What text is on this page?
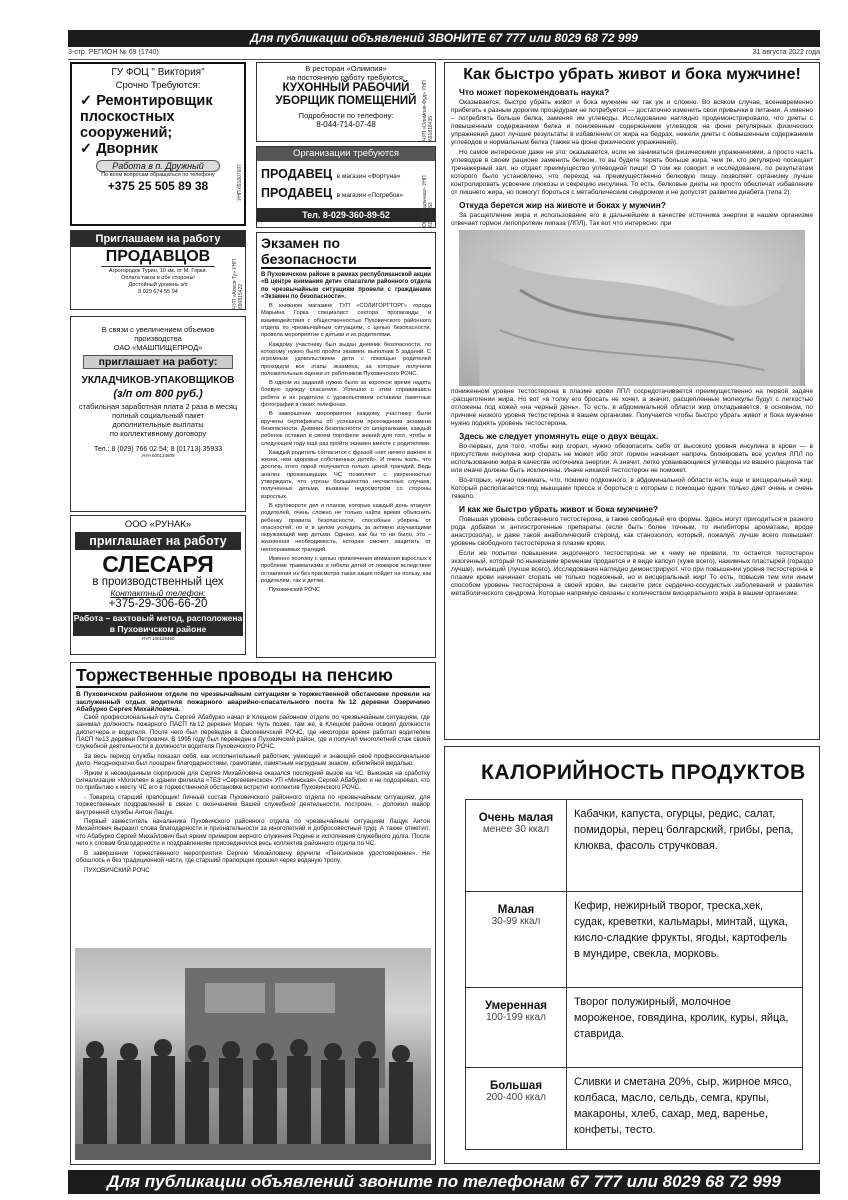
Для публикации объявлений ЗВОНИТЕ 67 777 или 8029 68 72 999
3-стр. РЕГИОН № 69 (1740)	31 августа 2022 года
ГУ ФОЦ " Виктория"
Срочно Требуются:
✓ Ремонтировщик плоскостных сооружений;
✓ Дворник
Работа в п. Дружный
По всем вопросам обращаться по телефону
+375 25 505 89 38	УНП 691807607
В ресторан «Олимпия»
на постоянную работу требуются:
КУХОННЫЙ РАБОЧИЙ
УБОРЩИК ПОМЕЩЕНИЙ
Подробности по телефону:
8-044-714-07-48	ЧУП «Олимпия-Фуд» УНП 691818435
Организации требуются
ПРОДАВЕЦ в магазин «Фортуна»
ПРОДАВЕЦ в магазин «Погребок»
Тел. 8-029-360-89-52	ООО «Вальнаш» УНП 601108053
Приглашаем на работу
ПРОДАВЦОВ
Агрогородок Турин, 10 км. от М. Горки.
Оплата такси в обе стороны!
Достойный уровень з/п
8 029 674 55 94	ЧУП «Алеся Ту» УНП 690815422
В связи с увеличением объемов
производства
ОАО «МАШПИЩЕПРОД»
приглашает на работу:
УКЛАДЧИКОВ-УПАКОВЩИКОВ
(з/п от 800 руб.)
стабильная заработная плата 2 раза в месяц
полный социальный пакет
дополнительные выплаты
по коллективному договору
Тел.: 8 (029) 766 02 54; 8 (01713) 35933
УНН 600124809
ООО «РУНАК»
приглашает на работу
СЛЕСАРЯ
в производственный цех
Контактный телефон:
+375-29-306-66-20
Работа – вахтовый метод, расположена в Пуховичском районе
УНП 100129460
Экзамен по безопасности
В Пуховичском районе в рамках республиканской акции «В центре внимания дети» спасатели районного отдела по чрезвычайным ситуациям провели с гражданами «Экзамен по безопасности».

В книжном магазине ТУП «СОЛИГОРГТОРГ» города Марьина Горка специалист сектора пропаганды и взаимодействия с общественностью Пуховичского районного отдела по чрезвычайным ситуациям, с целью безопасности, провела мероприятие с детьми и их родителями.

Каждому участнику был выдан дневник безопасности, по которому нужно было пройти экзамен, выполнив 5 заданий. С огромным удовольствием дети с помощью родителей проходили все этапы экзамена, за которые получили положительные оценки от работников Пуховичского РОЧС.

В одном из заданий нужно было за короткое время надеть боевую одежду спасателя. Успешно с этим справившись ребята и их родители с удовольствием оставили памятные фотографии в своих телефонах.

В завершении мероприятия каждому участнику были вручены сертификаты об успешном прохождении экзамена безопасности. Дневник безопасности со шпаргалками, каждый ребенок оставил в своем портфеле знаний для того, чтобы в следующем году ещё раз пройти экзамен вместе с родителями.

Каждый родитель согласится с фразой «нет ничего важнее в жизни, чем здоровье собственных детей». И очень жаль, что достичь этого порой получается только ценой трагедий. Ведь анализ произошедших ЧС позволяет с уверенностью утверждать, что угрозы большинства несчастных случаев, полученных детьми, вызваны недосмотром со стороны взрослых.

В круговороте дел и планов, которые каждый день атакуют родителей, очень сложно не только найти время объяснить ребенку правила безопасности, способные уберечь от опасностей, но и в целом уследить за активно изучающими окружающий мир детьми. Однако, как бы то ни было, это – жизненная необходимость, которая сможет защитить от непоправимых трагедий.

Именно поэтому с целью привлечения внимания взрослых к проблеме травматизма и гибели детей от пожаров вследствие оставления их без присмотра такая акция пойдет на пользу, как родителям, так и детям.

Пуховичский РОЧС

Как быстро убрать живот и бока мужчине!
Что может порекомендовать наука?

Оказывается, быстро убрать живот и бока мужчине не так уж и сложно. Во всяком случае, всеневременно прибегать к разным дорогим процедурам не потребуется — достаточно изменить свои привычки в питании. А именно – потреблять больше белка, заменяя им углеводы. Исследование наглядно продемонстрировало, что диеты с повышенным содержанием белка и пониженным содержанием углеводов на фоне регулярных физических упражнений дают лучшие результаты в избавлении от жира на бедрах, нежели диеты с повышенным содержанием углеводов и нормальным белка (также на фоне физических упражнений).

Но самое интересное даже не это: оказывается, если не заниматься физическими упражнениями, а просто часть углеводов в своем рационе заменить белком, то вы будете терять больше жира, чем те, кто регулярно посещает тренажерный зал, но отдает преимущество углеводной пище! О том же говорит и исследование, по результатам которого было установлено, что переход на преимущественно белковую пищу позволяет организму лучше контролировать усвоение глюкозы и секрецию инсулина. То есть, белковые диеты не просто обеспечат избавление от лишнего жира, но помогут бороться с метаболическим синдромом и не допустят развития диабета (типа 2).

Откуда берется жир на животе и боках у мужчин?

За расщепление жира и использование его в дальнейшем в качестве источника энергии в нашем организме отвечает гормон липопротеин липаза (ЛПЛ). Так вот что интересно: при

пониженном уровне тестостерона в плазме крови ЛПЛ сосредотачивается преимущественно на первой задаче -расщеплении жира. Но вот «в толку его бросать не хочет, а значит, расщепленные молекулы будут с легкостью отложены под кожей «на черный день». То есть, в абдоминальной области жир откладывается, в основном, по причине низкого уровня тестостерона в вашем организме. Получается чтобы быстро убрать живот и бока мужчине нужно поднять уровень тестостерона.

Здесь же следует упомянуть еще о двух вещах.

Во-первых, для того, чтобы жир сгорал, нужно обезопасить себя от высокого уровня инсулина в крови — в присутствии инсулина жир сгорать не может ибо этот гормон начинает напрочь блокировать все усилия ЛПЛ по использованию жира в качестве источника энергии. А значит, легко усваивающиеся углеводы из вашего рациона так или иначе должны быть исключены. Иначе никакой тестостерон не поможет.

Во-вторых, нужно понимать, что, помимо подкожного, в абдоминальной области есть еще и висцеральный жир. Который располагается под мышцами пресса и бороться с которым с помощью одних только диет очень и очень тяжело.

И как же быстро убрать живот и бока мужчине?

Повышая уровень собственного тестостерона, а также свободный его формы. Здесь могут пригодиться и разного рода добавки и антиэстрогенные препараты (если быть более точным, то ингибиторы ароматазы, вроде анастрозола), и даже такой анаболический стероид, как станозолол, который, пожалуй, лучше всего повышает уровень свободного тестостерона в плазме крови.

Если же попытки повышения эндогенного тестостерона ни к чему не привели, то остается тестостерон экзогенный, который по нынешним временам продается и в виде капсул (хуже всего), нажимных пластырей (гораздо лучше), инъекций (лучше всего). Исследования наглядно демонстрируют, что при повышении уровня тестостерона в плазме крови начинает сгорать не только подкожный, но и висцеральный жир! То есть, повысив тем или иным способом уровень тестостерона в своей крови, вы снизите риск сердечно-сосудистых заболеваний и развития метаболического синдрома. Которые напрямую связаны с количеством висцерального жира в вашем организме.

Торжественные проводы на пенсию
В Пуховичском районном отделе по чрезвычайным ситуациям в торжественной обстановке провели на заслуженный отдых водителя пожарного аварийно-спасательного поста №12 деревни Озеричино Абабурко Сергея Михайловича.

Свой профессиональный путь Сергей Абабурко начал в Клецком районном отделе по чрезвычайным ситуациям, где занимал должность пожарного ПАСП №12 деревни Морач. Чуть позже, там же, в Клецком районе освоил должности диспетчера и водителя. После чего был переведен в Смолевичский РОЧС, где некоторое время работал водителем ПАСП №13 деревни Петровичи. В 1995 году был переведен в Пуховичский район, где и получил многолетний стаж своей служебной деятельности в должности водителя Пуховичского РОЧС.

За весь период службы показал себя, как исполнительный работник, умеющий и знающий своё профессиональное дело. Неоднократно был поощрен благодарностями, грамотами, памятным нагрудным знаком, юбилейной медалью.

Ярким и неожиданным сюрпризом для Сергея Михайловича оказался последний вызов на ЧС. Выезжая на сработку сигнализации «Могилев» в здании филиала «ТБЗ «Сергеевичское» УП «Минская» Сергей Абабурко и не подозревал, что по прибытию к месту ЧС его в торжественной обстановке встретит коллектив Пуховичского РОЧС.

- Товарищ старший прапорщик! Личный состав Пуховичского районного отдела по чрезвычайным ситуациям, для торжественных поздравлений в связи с окончанием Вашей служебной деятельности, построен, - доложил майор внутренней службы Антон Лащук.

Первый заместитель начальника Пуховичского районного отдела по чрезвычайным ситуациям Лащук Антон Михайлович выразил слова благодарности и признательности за многолетний и добросовестный труд. А также отметил, что Абабурко Сергей Михайлович был ярким примером верного служения Родине и исполнения служебного долга. После чего к словам благодарности и поздравлениям присоединился весь коллектив районного отдела по ЧС.

В завершении торжественного мероприятия Сергею Михайловичу вручили «Пенсионное удостоверение». Не обошлось и без традиционной части, где старший прапорщик прошел через водяную тропу.

ПУХОВИЧСКИЙ РОЧС

КАЛОРИЙНОСТЬ ПРОДУКТОВ
Очень малая
менее 30 ккал
Кабачки, капуста, огурцы, редис, салат, помидоры, перец болгарский, грибы, репа, клюква, фасоль стручковая.
Малая
30-99 ккал
Кефир, нежирный творог, треска,хек, судак, креветки, кальмары, минтай, щука, кисло-сладкие фрукты, ягоды, картофель в мундире, свекла, морковь.
Умеренная
100-199 ккал
Творог полужирный, молочное мороженое, говядина, кролик, куры, яйца, ставрида.
Большая
200-400 ккал
Сливки и сметана 20%, сыр, жирное мясо, колбаса, масло, сельдь, семга, крупы, макароны, хлеб, сахар, мед, варенье, конфеты, тесто.
Для публикации объявлений звоните по телефонам 67 777 или 8029 68 72 999
